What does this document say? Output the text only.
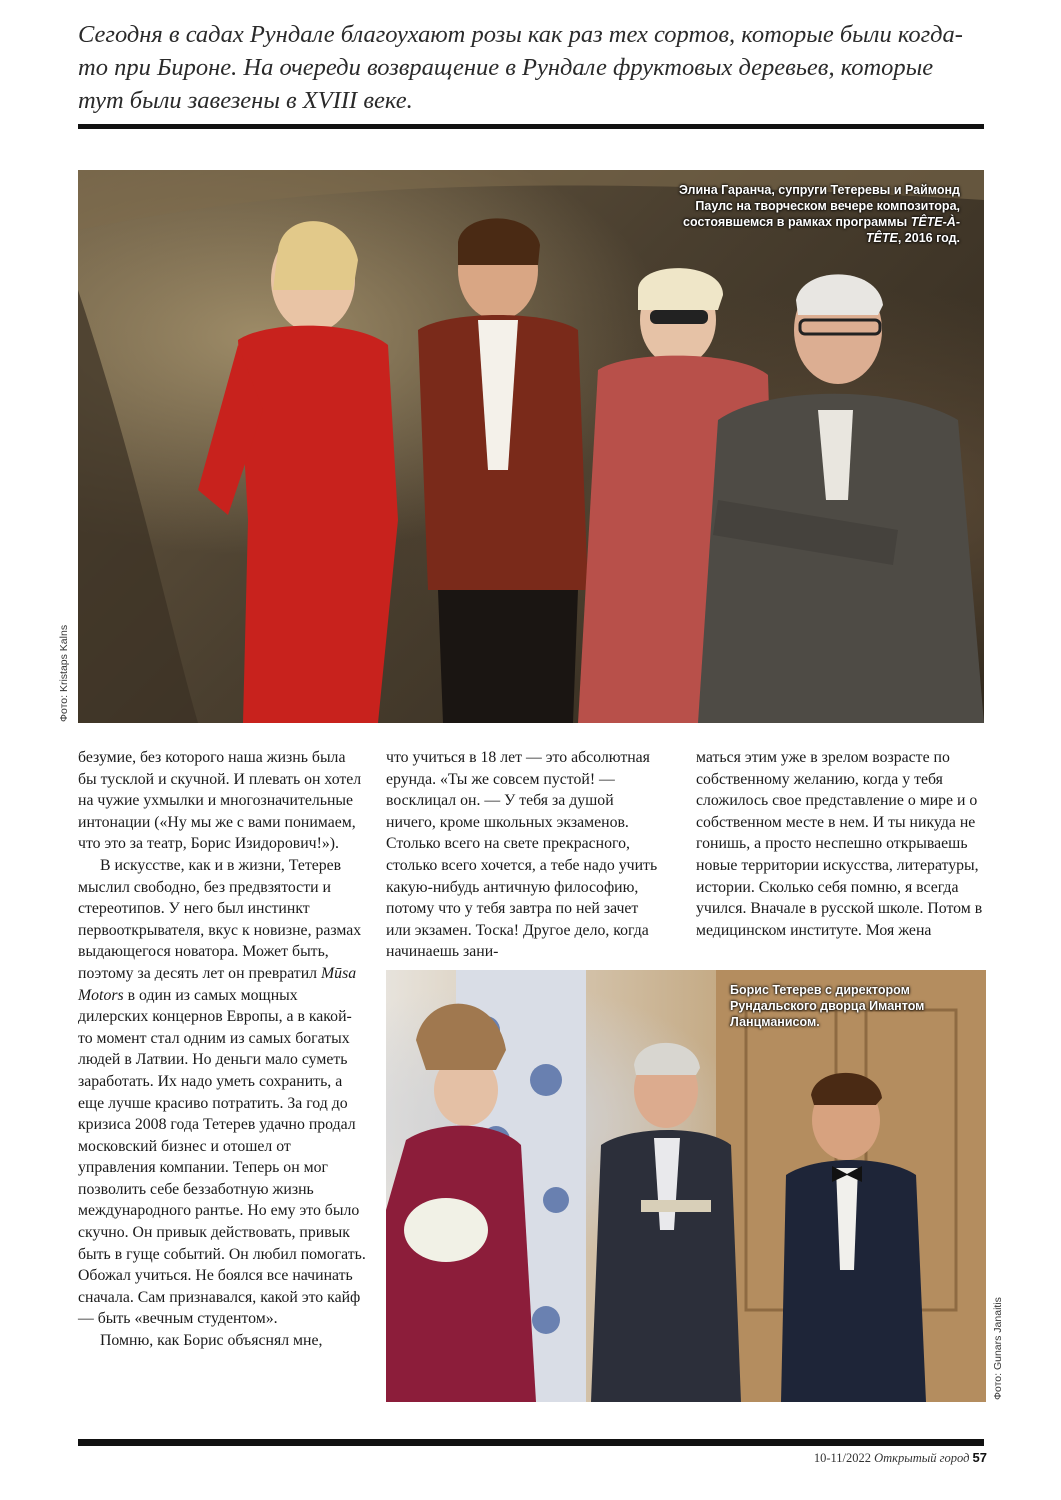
Сегодня в садах Рундале благоухают розы как раз тех сортов, которые были когда-то при Бироне. На очереди возвращение в Рундале фруктовых деревьев, которые тут были завезены в XVIII веке.

Элина Гаранча, супруги Тетеревы и Раймонд Паулс на творческом вечере композитора, состоявшемся в рамках программы TÊTE-À-TÊTE, 2016 год.
Фото: Kristaps Kalns

безумие, без которого наша жизнь была бы тусклой и скучной. И плевать он хотел на чужие ухмылки и многозначительные интонации («Ну мы же с вами понимаем, что это за театр, Борис Изидорович!»).

В искусстве, как и в жизни, Тетерев мыслил свободно, без предвзятости и стереотипов. У него был инстинкт первооткрывателя, вкус к новизне, размах выдающегося новатора. Может быть, поэтому за десять лет он превратил Mūsa Motors в один из самых мощных дилерских концернов Европы, а в какой-то момент стал одним из самых богатых людей в Латвии. Но деньги мало суметь заработать. Их надо уметь сохранить, а еще лучше красиво потратить. За год до кризиса 2008 года Тетерев удачно продал московский бизнес и отошел от управления компании. Теперь он мог позволить себе беззаботную жизнь международного рантье. Но ему это было скучно. Он привык действовать, привык быть в гуще событий. Он любил помогать. Обожал учиться. Не боялся все начинать сначала. Сам признавался, какой это кайф — быть «вечным студентом».

Помню, как Борис объяснял мне,

что учиться в 18 лет — это абсолютная ерунда. «Ты же совсем пустой! — восклицал он. — У тебя за душой ничего, кроме школьных экзаменов. Столько всего на свете прекрасного, столько всего хочется, а тебе надо учить какую-нибудь античную философию, потому что у тебя завтра по ней зачет или экзамен. Тоска! Другое дело, когда начинаешь зани-

маться этим уже в зрелом возрасте по собственному желанию, когда у тебя сложилось свое представление о мире и о собственном месте в нем. И ты никуда не гонишь, а просто неспешно открываешь новые территории искусства, литературы, истории. Сколько себя помню, я всегда учился. Вначале в русской школе. Потом в медицинском институте. Моя жена

Борис Тетерев с директором Рундальского дворца Имантом Ланцманисом.
Фото: Gunars Janaitis
10-11/2022 Открытый город 57
